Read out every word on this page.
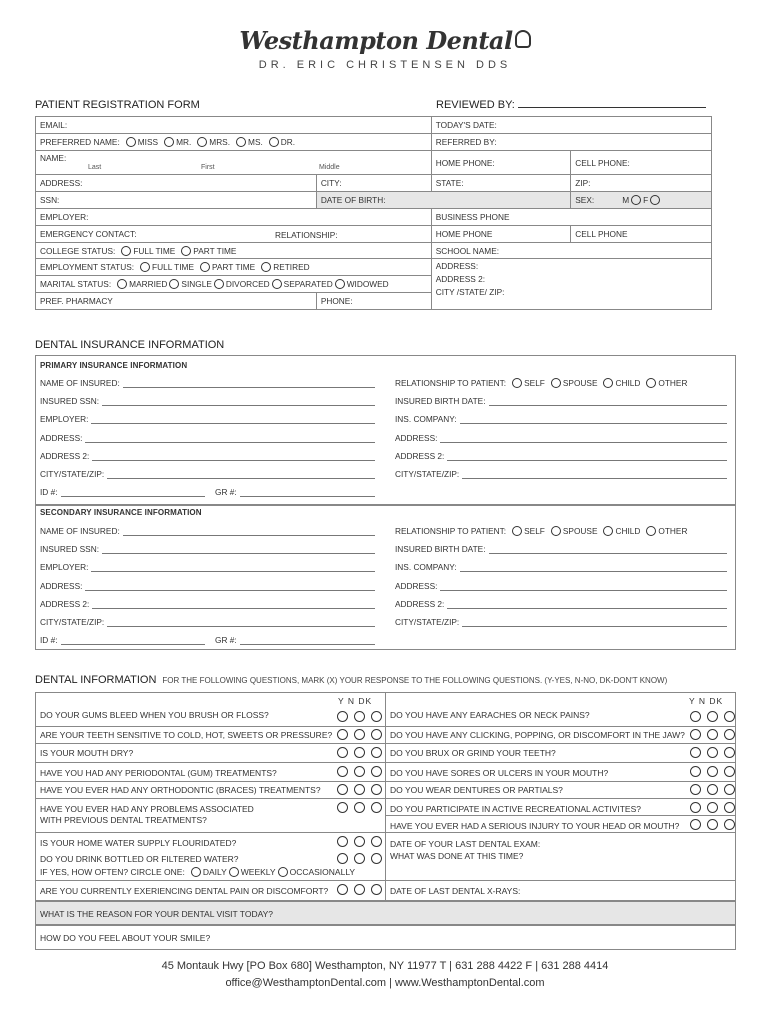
Westhampton Dental
DR. ERIC CHRISTENSEN DDS
PATIENT REGISTRATION FORM	REVIEWED BY:
EMAIL:		TODAY'S DATE:	
PREFERRED NAME: MISS MR. MRS. MS. DR.		REFERRED BY:	

NAME:
Last First Middle		HOME PHONE:	CELL PHONE:
ADDRESS:	CITY:	STATE:	ZIP:
SSN:	DATE OF BIRTH:		SEX: M F
EMPLOYER:		BUSINESS PHONE	
EMERGENCY CONTACT: RELATIONSHIP:		HOME PHONE	CELL PHONE
COLLEGE STATUS: FULL TIME PART TIME		SCHOOL NAME:	
EMPLOYMENT STATUS: FULL TIME PART TIME RETIRED		ADDRESS:
ADDRESS 2:
CITY /STATE/ ZIP:	

MARITAL STATUS: MARRIED SINGLE DIVORCED SEPARATED WIDOWED			
PREF. PHARMACY	PHONE:		
DENTAL INSURANCE INFORMATION
PRIMARY INSURANCE INFORMATION
SECONDARY INSURANCE INFORMATION
NAME OF INSURED:	RELATIONSHIP TO PATIENT: SELF SPOUSE CHILD OTHER
INSURED SSN:	INSURED BIRTH DATE:
EMPLOYER:	INS. COMPANY:
ADDRESS:	ADDRESS:
ADDRESS 2:	ADDRESS 2:
CITY/STATE/ZIP:	CITY/STATE/ZIP:
ID #:	GR #:
NAME OF INSURED:	RELATIONSHIP TO PATIENT: SELF SPOUSE CHILD OTHER
INSURED SSN:	INSURED BIRTH DATE:
EMPLOYER:	INS. COMPANY:
ADDRESS:	ADDRESS:
ADDRESS 2:	ADDRESS 2:
CITY/STATE/ZIP:	CITY/STATE/ZIP:
ID #:	GR #:
DENTAL INFORMATION FOR THE FOLLOWING QUESTIONS, MARK (X) YOUR RESPONSE TO THE FOLLOWING QUESTIONS. (Y-YES, N-NO, DK-DON'T KNOW)
Y N DK	Y N DK
DO YOUR GUMS BLEED WHEN YOU BRUSH OR FLOSS?
ARE YOUR TEETH SENSITIVE TO COLD, HOT, SWEETS OR PRESSURE?
IS YOUR MOUTH DRY?
HAVE YOU HAD ANY PERIODONTAL (GUM) TREATMENTS?
HAVE YOU EVER HAD ANY ORTHODONTIC (BRACES) TREATMENTS?
HAVE YOU EVER HAD ANY PROBLEMS ASSOCIATED
WITH PREVIOUS DENTAL TREATMENTS?
IS YOUR HOME WATER SUPPLY FLOURIDATED?
DO YOU DRINK BOTTLED OR FILTERED WATER?
IF YES, HOW OFTEN? CIRCLE ONE: DAILY WEEKLY OCCASIONALLY
ARE YOU CURRENTLY EXERIENCING DENTAL PAIN OR DISCOMFORT?
DO YOU HAVE ANY EARACHES OR NECK PAINS?
DO YOU HAVE ANY CLICKING, POPPING, OR DISCOMFORT IN THE JAW?
DO YOU BRUX OR GRIND YOUR TEETH?
DO YOU HAVE SORES OR ULCERS IN YOUR MOUTH?
DO YOU WEAR DENTURES OR PARTIALS?
DO YOU PARTICIPATE IN ACTIVE RECREATIONAL ACTIVITES?
HAVE YOU EVER HAD A SERIOUS INJURY TO YOUR HEAD OR MOUTH?
DATE OF YOUR LAST DENTAL EXAM:
WHAT WAS DONE AT THIS TIME?
DATE OF LAST DENTAL X-RAYS:
WHAT IS THE REASON FOR YOUR DENTAL VISIT TODAY?
HOW DO YOU FEEL ABOUT YOUR SMILE?
45 Montauk Hwy [PO Box 680] Westhampton, NY 11977 T | 631 288 4422 F | 631 288 4414
office@WesthamptonDental.com | www.WesthamptonDental.com
